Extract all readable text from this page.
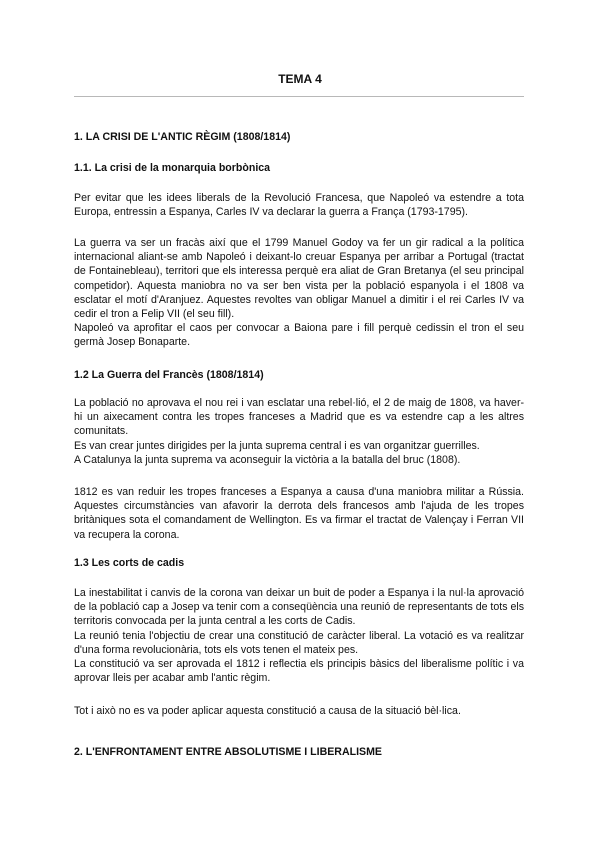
TEMA 4
1. LA CRISI DE L'ANTIC RÈGIM (1808/1814)
1.1. La crisi de la monarquia borbònica
Per evitar que les idees liberals de la Revolució Francesa, que Napoleó va estendre a tota Europa, entressin a Espanya, Carles IV va declarar la guerra a França (1793-1795).
La guerra va ser un fracàs així que el 1799 Manuel Godoy va fer un gir radical a la política internacional aliant-se amb Napoleó i deixant-lo creuar Espanya per arribar a Portugal (tractat de Fontainebleau), territori que els interessa perquè era aliat de Gran Bretanya (el seu principal competidor). Aquesta maniobra no va ser ben vista per la població espanyola i el 1808 va esclatar el motí d'Aranjuez. Aquestes revoltes van obligar Manuel a dimitir i el rei Carles IV va cedir el tron a Felip VII (el seu fill).
Napoleó va aprofitar el caos per convocar a Baiona pare i fill perquè cedissin el tron el seu germà Josep Bonaparte.
1.2 La Guerra del Francès (1808/1814)
La població no aprovava el nou rei i van esclatar una rebel·lió, el 2 de maig de 1808, va haver-hi un aixecament contra les tropes franceses a Madrid que es va estendre cap a les altres comunitats.
Es van crear juntes dirigides per la junta suprema central i es van organitzar guerrilles.
A Catalunya la junta suprema va aconseguir la victòria a la batalla del bruc (1808).
1812 es van reduir les tropes franceses a Espanya a causa d'una maniobra militar a Rússia. Aquestes circumstàncies van afavorir la derrota dels francesos amb l'ajuda de les tropes britàniques sota el comandament de Wellington. Es va firmar el tractat de Valençay i Ferran VII va recupera la corona.
1.3 Les corts de cadis
La inestabilitat i canvis de la corona van deixar un buit de poder a Espanya i la nul·la aprovació de la població cap a Josep va tenir com a conseqüència una reunió de representants de tots els territoris convocada per la junta central a les corts de Cadis.
La reunió tenia l'objectiu de crear una constitució de caràcter liberal. La votació es va realitzar d'una forma revolucionària, tots els vots tenen el mateix pes.
La constitució va ser aprovada el 1812 i reflectia els principis bàsics del liberalisme polític i va aprovar lleis per acabar amb l'antic règim.
Tot i això no es va poder aplicar aquesta constitució a causa de la situació bèl·lica.
2. L'ENFRONTAMENT ENTRE ABSOLUTISME I LIBERALISME
